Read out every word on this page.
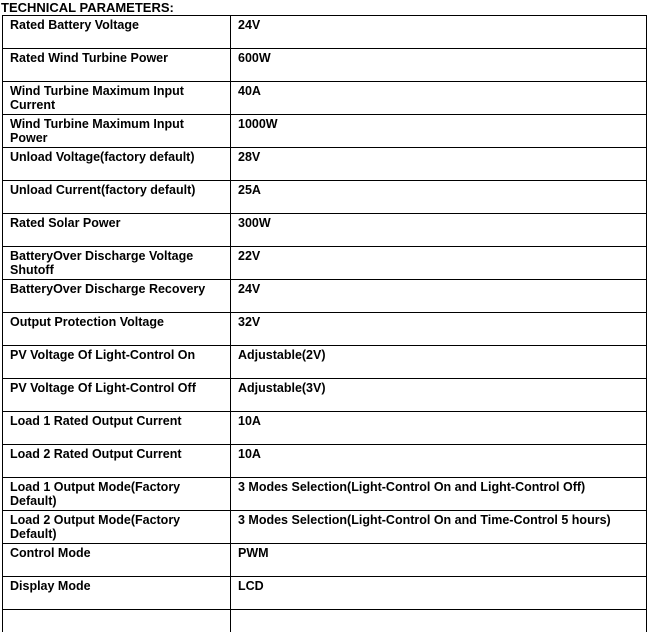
TECHNICAL PARAMETERS:
Rated Battery Voltage	24V
Rated Wind Turbine Power	600W
Wind Turbine Maximum Input Current	40A
Wind Turbine Maximum Input Power	1000W
Unload Voltage(factory default)	28V
Unload Current(factory default)	25A
Rated Solar Power	300W
BatteryOver Discharge Voltage Shutoff	22V
BatteryOver Discharge Recovery	24V
Output Protection Voltage	32V
PV Voltage Of Light-Control On	Adjustable(2V)
PV Voltage Of Light-Control Off	Adjustable(3V)
Load 1 Rated Output Current	10A
Load 2 Rated Output Current	10A
Load 1 Output Mode(Factory Default)	3 Modes Selection(Light-Control On and Light-Control Off)
Load 2 Output Mode(Factory Default)	3 Modes Selection(Light-Control On and Time-Control 5 hours)
Control Mode	PWM
Display Mode	LCD
